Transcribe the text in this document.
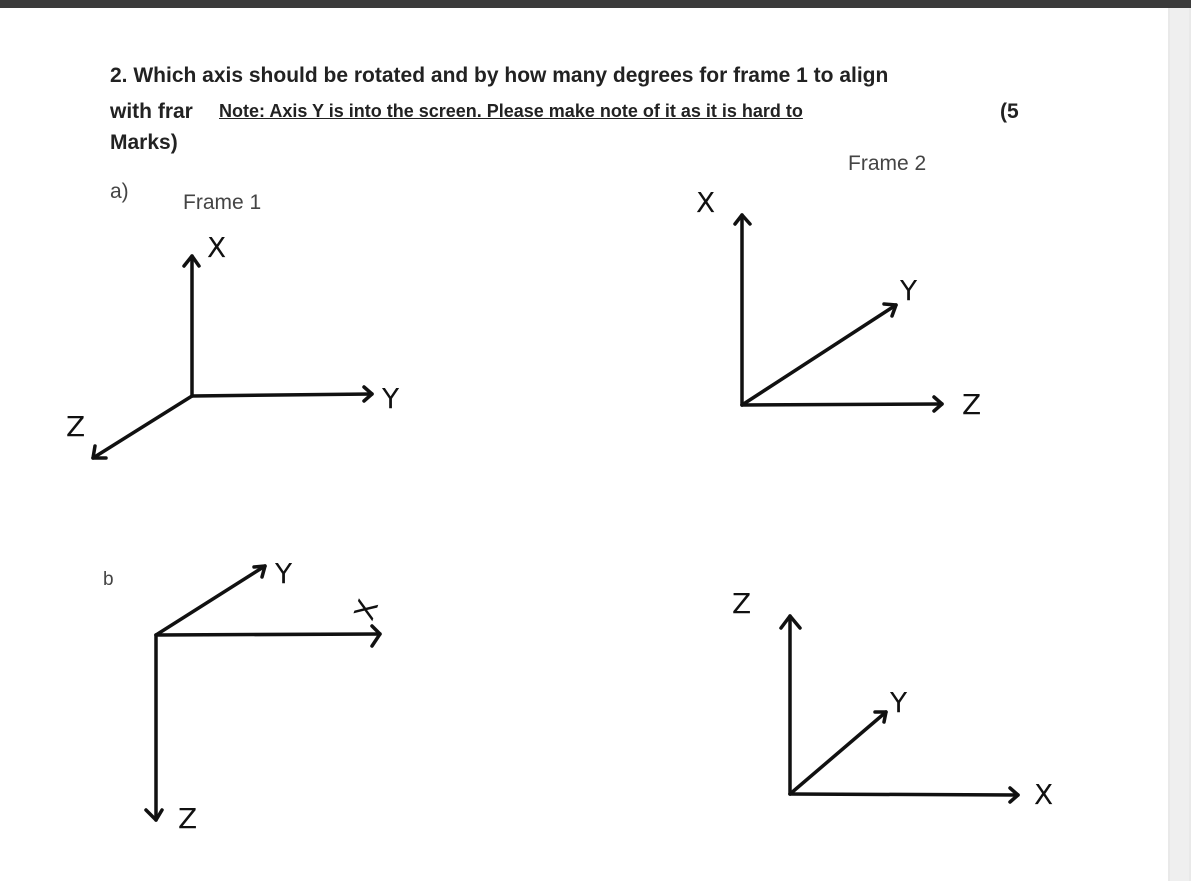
2. Which axis should be rotated and by how many degrees for frame 1 to align
with frar	(5
Marks)
Note: Axis Y is into the screen. Please make note of it as it is hard to
a)	Frame 1
Frame 2
b
X
Y
Z
X
Y
Z
Y
X
Z
Z
Y
X
